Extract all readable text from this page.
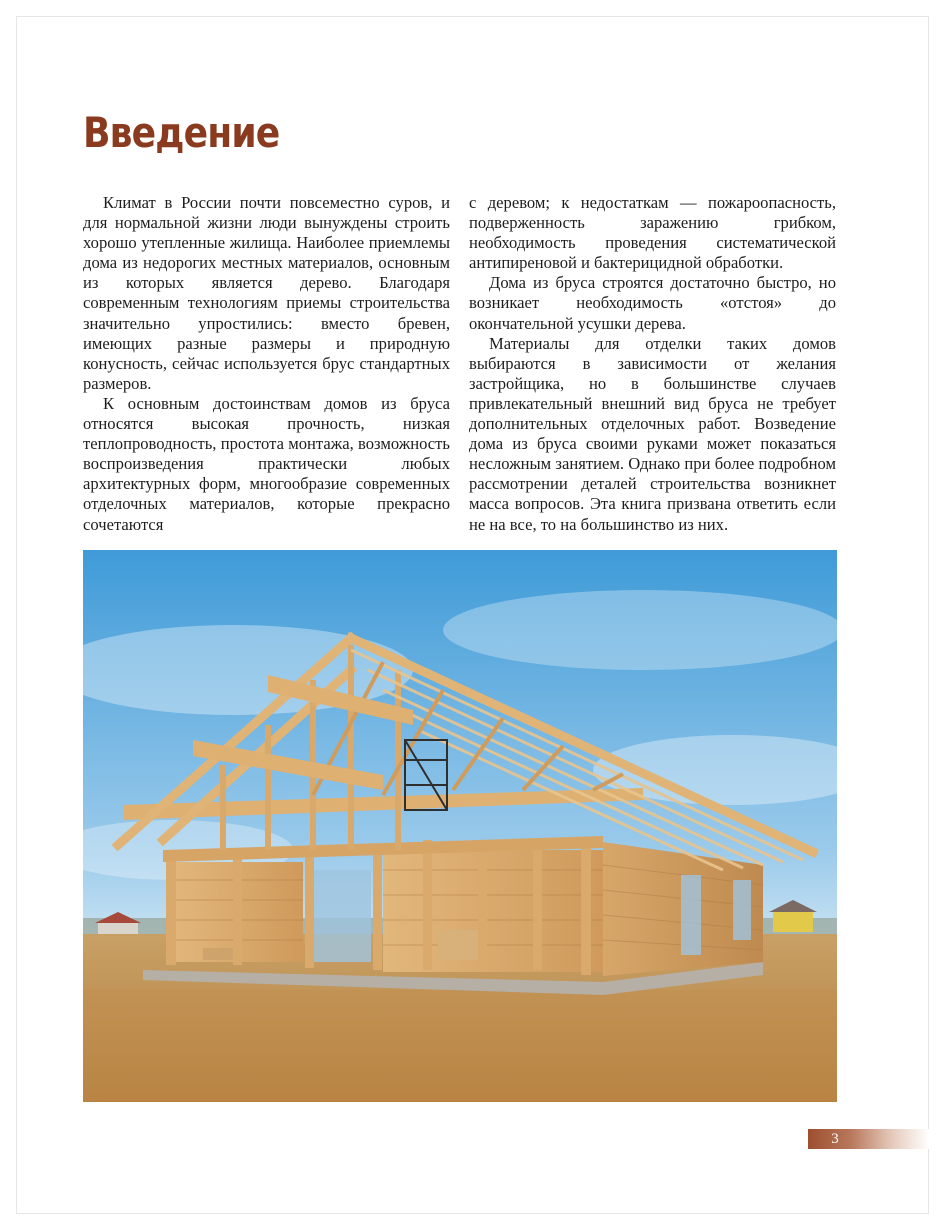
Введение

Климат в России почти повсеместно суров, и для нормальной жизни люди вынуждены строить хорошо утепленные жилища. Наиболее приемлемы дома из недорогих местных материалов, основным из которых является дерево. Благодаря современным технологиям приемы строительства значительно упростились: вместо бревен, имеющих разные размеры и природную конусность, сейчас используется брус стандартных размеров.

К основным достоинствам домов из бруса относятся высокая прочность, низкая теплопроводность, простота монтажа, возможность воспроизведения практически любых архитектурных форм, многообразие современных отделочных материалов, которые прекрасно сочетаются

с деревом; к недостаткам — пожароопасность, подверженность заражению грибком, необходимость проведения систематической антипиреновой и бактерицидной обработки.

Дома из бруса строятся достаточно быстро, но возникает необходимость «отстоя» до окончательной усушки дерева.

Материалы для отделки таких домов выбираются в зависимости от желания застройщика, но в большинстве случаев привлекательный внешний вид бруса не требует дополнительных отделочных работ. Возведение дома из бруса своими руками может показаться несложным занятием. Однако при более подробном рассмотрении деталей строительства возникнет масса вопросов. Эта книга призвана ответить если не на все, то на большинство из них.

3
